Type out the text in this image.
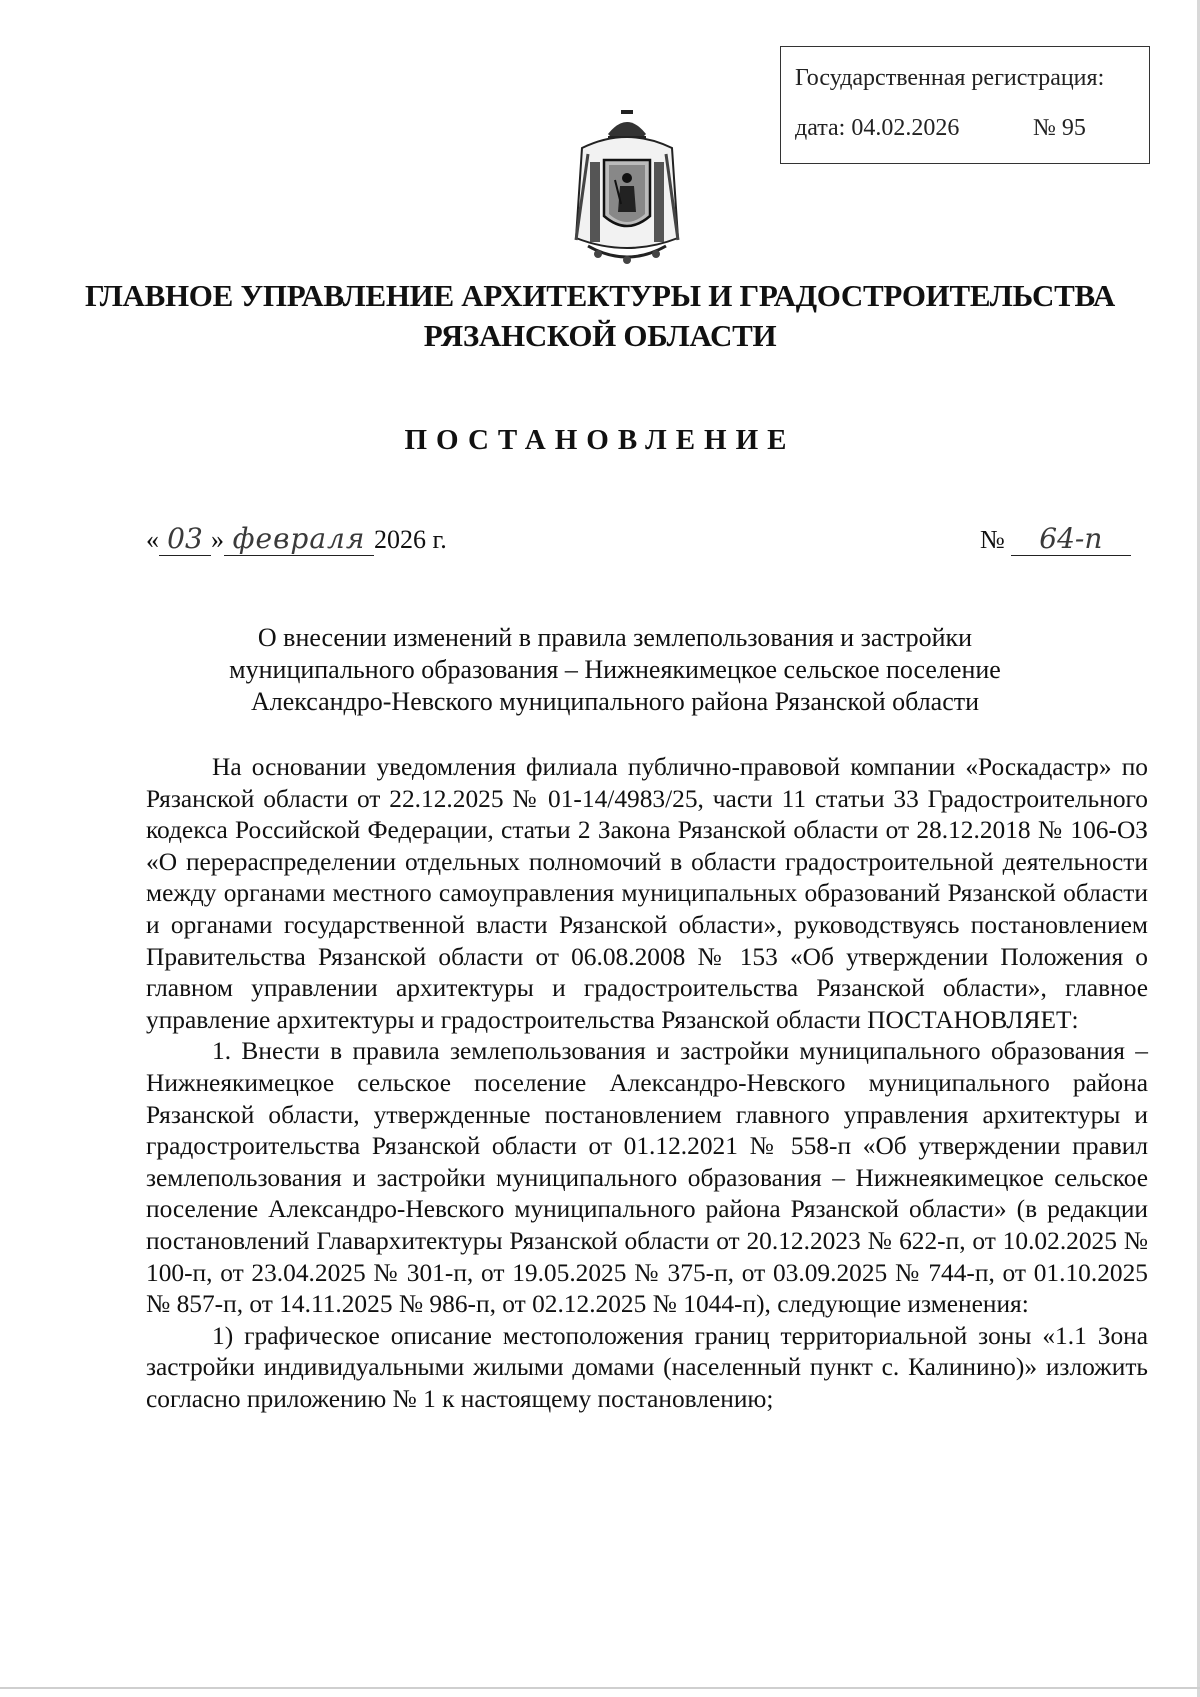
Государственная регистрация:
дата: 04.02.2026	№ 95
ГЛАВНОЕ УПРАВЛЕНИЕ АРХИТЕКТУРЫ И ГРАДОСТРОИТЕЛЬСТВА
РЯЗАНСКОЙ ОБЛАСТИ
ПОСТАНОВЛЕНИЕ
« 03 » февраля 2026 г.	№ 64-п
О внесении изменений в правила землепользования и застройки
муниципального образования – Нижнеякимецкое сельское поселение
Александро-Невского муниципального района Рязанской области

На основании уведомления филиала публично-правовой компании «Роскадастр» по Рязанской области от 22.12.2025 № 01-14/4983/25, части 11 статьи 33 Градостроительного кодекса Российской Федерации, статьи 2 Закона Рязанской области от 28.12.2018 № 106-ОЗ «О перераспределении отдельных полномочий в области градостроительной деятельности между органами местного самоуправления муниципальных образований Рязанской области и органами государственной власти Рязанской области», руководствуясь постановлением Правительства Рязанской области от 06.08.2008 № 153 «Об утверждении Положения о главном управлении архитектуры и градостроительства Рязанской области», главное управление архитектуры и градостроительства Рязанской области ПОСТАНОВЛЯЕТ:

1. Внести в правила землепользования и застройки муниципального образования – Нижнеякимецкое сельское поселение Александро-Невского муниципального района Рязанской области, утвержденные постановлением главного управления архитектуры и градостроительства Рязанской области от 01.12.2021 № 558-п «Об утверждении правил землепользования и застройки муниципального образования – Нижнеякимецкое сельское поселение Александро-Невского муниципального района Рязанской области» (в редакции постановлений Главархитектуры Рязанской области от 20.12.2023 № 622-п, от 10.02.2025 № 100-п, от 23.04.2025 № 301-п, от 19.05.2025 № 375-п, от 03.09.2025 № 744-п, от 01.10.2025 № 857-п, от 14.11.2025 № 986-п, от 02.12.2025 № 1044-п), следующие изменения:

1) графическое описание местоположения границ территориальной зоны «1.1 Зона застройки индивидуальными жилыми домами (населенный пункт с. Калинино)» изложить согласно приложению № 1 к настоящему постановлению;
